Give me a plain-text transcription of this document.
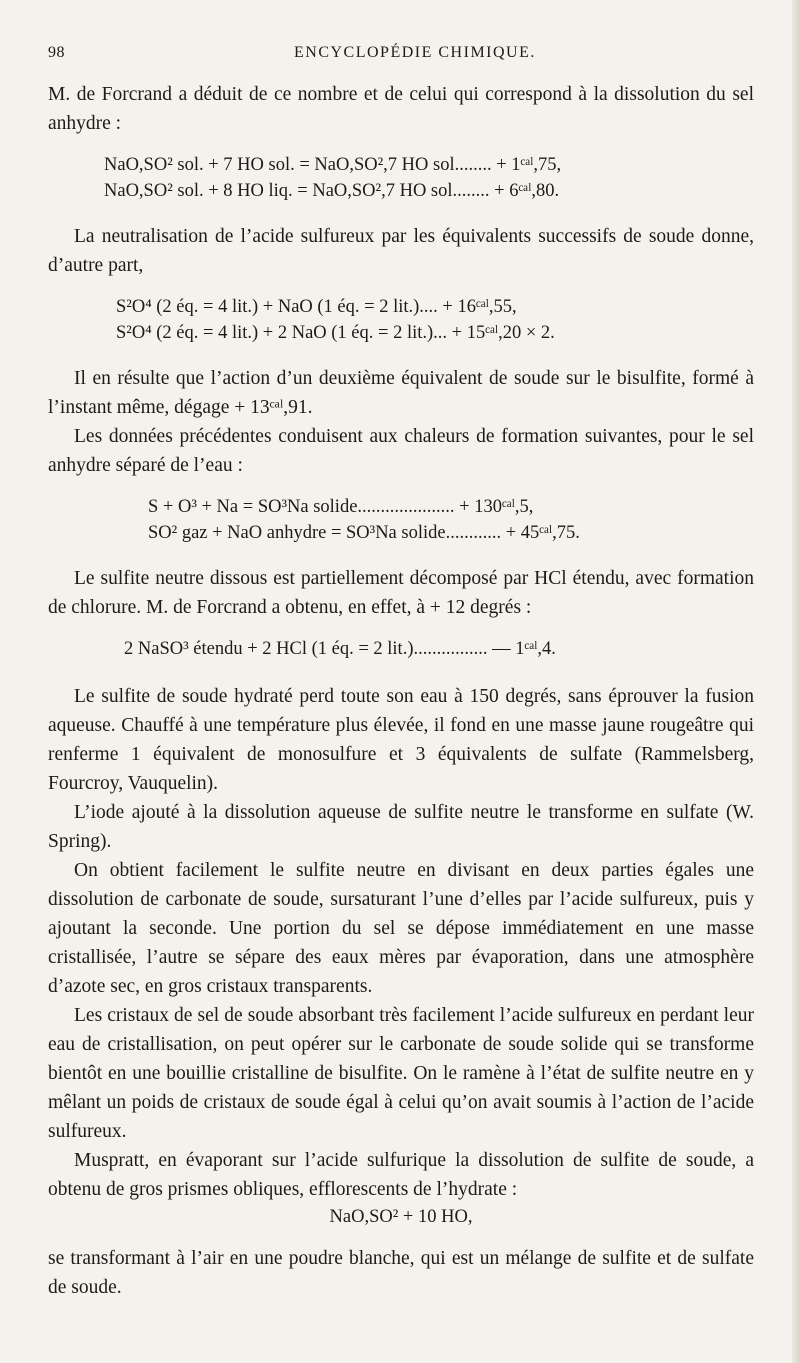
98	ENCYCLOPÉDIE CHIMIQUE.

M. de Forcrand a déduit de ce nombre et de celui qui correspond à la dissolution du sel anhydre :

NaO,SO² sol. + 7 HO sol. = NaO,SO²,7 HO sol........ + 1ᶜᵃˡ,75,
NaO,SO² sol. + 8 HO liq. = NaO,SO²,7 HO sol........ + 6ᶜᵃˡ,80.

La neutralisation de l’acide sulfureux par les équivalents successifs de soude donne, d’autre part,

S²O⁴ (2 éq. = 4 lit.) + NaO (1 éq. = 2 lit.).... + 16ᶜᵃˡ,55,
S²O⁴ (2 éq. = 4 lit.) + 2 NaO (1 éq. = 2 lit.)... + 15ᶜᵃˡ,20 × 2.

Il en résulte que l’action d’un deuxième équivalent de soude sur le bisulfite, formé à l’instant même, dégage + 13ᶜᵃˡ,91.

Les données précédentes conduisent aux chaleurs de formation suivantes, pour le sel anhydre séparé de l’eau :

S + O³ + Na = SO³Na solide..................... + 130ᶜᵃˡ,5,
SO² gaz + NaO anhydre = SO³Na solide............ + 45ᶜᵃˡ,75.

Le sulfite neutre dissous est partiellement décomposé par HCl étendu, avec formation de chlorure. M. de Forcrand a obtenu, en effet, à + 12 degrés :

2 NaSO³ étendu + 2 HCl (1 éq. = 2 lit.)................ — 1ᶜᵃˡ,4.

Le sulfite de soude hydraté perd toute son eau à 150 degrés, sans éprouver la fusion aqueuse. Chauffé à une température plus élevée, il fond en une masse jaune rougeâtre qui renferme 1 équivalent de monosulfure et 3 équivalents de sulfate (Rammelsberg, Fourcroy, Vauquelin).

L’iode ajouté à la dissolution aqueuse de sulfite neutre le transforme en sulfate (W. Spring).

On obtient facilement le sulfite neutre en divisant en deux parties égales une dissolution de carbonate de soude, sursaturant l’une d’elles par l’acide sulfureux, puis y ajoutant la seconde. Une portion du sel se dépose immédiatement en une masse cristallisée, l’autre se sépare des eaux mères par évaporation, dans une atmosphère d’azote sec, en gros cristaux transparents.

Les cristaux de sel de soude absorbant très facilement l’acide sulfureux en perdant leur eau de cristallisation, on peut opérer sur le carbonate de soude solide qui se transforme bientôt en une bouillie cristalline de bisulfite. On le ramène à l’état de sulfite neutre en y mêlant un poids de cristaux de soude égal à celui qu’on avait soumis à l’action de l’acide sulfureux.

Muspratt, en évaporant sur l’acide sulfurique la dissolution de sulfite de soude, a obtenu de gros prismes obliques, efflorescents de l’hydrate :

NaO,SO² + 10 HO,

se transformant à l’air en une poudre blanche, qui est un mélange de sulfite et de sulfate de soude.
